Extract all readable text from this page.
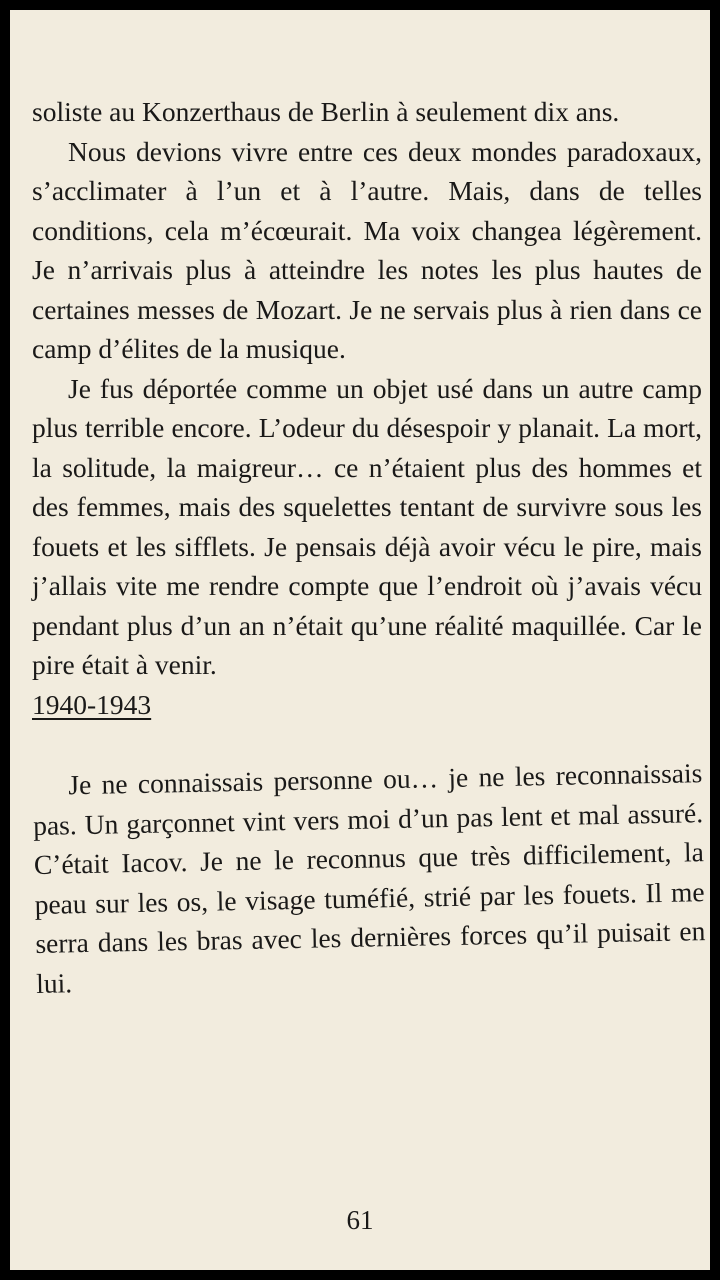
soliste au Konzerthaus de Berlin à seulement dix ans.

Nous devions vivre entre ces deux mondes paradoxaux, s’acclimater à l’un et à l’autre. Mais, dans de telles conditions, cela m’écœurait. Ma voix changea légèrement. Je n’arrivais plus à atteindre les notes les plus hautes de certaines messes de Mozart. Je ne servais plus à rien dans ce camp d’élites de la musique.

Je fus déportée comme un objet usé dans un autre camp plus terrible encore. L’odeur du désespoir y planait. La mort, la solitude, la maigreur… ce n’étaient plus des hommes et des femmes, mais des squelettes tentant de survivre sous les fouets et les sifflets. Je pensais déjà avoir vécu le pire, mais j’allais vite me rendre compte que l’endroit où j’avais vécu pendant plus d’un an n’était qu’une réalité maquillée. Car le pire était à venir.

1940-1943

Je ne connaissais personne ou… je ne les reconnaissais pas. Un garçonnet vint vers moi d’un pas lent et mal assuré. C’était Iacov. Je ne le reconnus que très difficilement, la peau sur les os, le visage tuméfié, strié par les fouets. Il me serra dans les bras avec les dernières forces qu’il puisait en lui.

61
